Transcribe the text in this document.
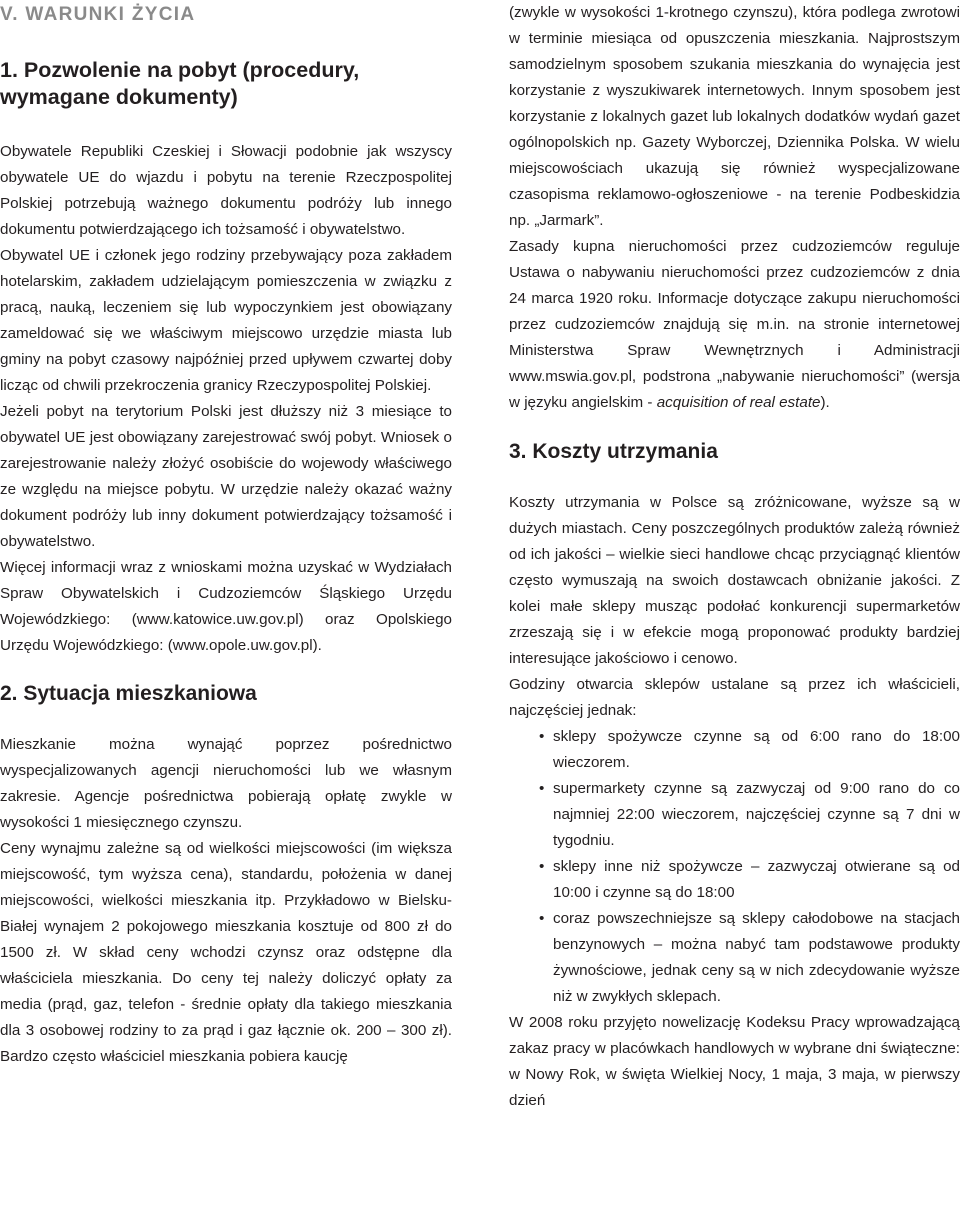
V. WARUNKI ŻYCIA
1. Pozwolenie na pobyt (procedury, wymagane dokumenty)

Obywatele Republiki Czeskiej i Słowacji podobnie jak wszyscy obywatele UE do wjazdu i pobytu na terenie Rzeczpospolitej Polskiej potrzebują ważnego dokumentu podróży lub innego dokumentu potwierdzającego ich tożsamość i obywatelstwo.

Obywatel UE i członek jego rodziny przebywający poza zakładem hotelarskim, zakładem udzielającym pomieszczenia w związku z pracą, nauką, leczeniem się lub wypoczynkiem jest obowiązany zameldować się we właściwym miejscowo urzędzie miasta lub gminy na pobyt czasowy najpóźniej przed upływem czwartej doby licząc od chwili przekroczenia granicy Rzeczypospolitej Polskiej.

Jeżeli pobyt na terytorium Polski jest dłuższy niż 3 miesiące to obywatel UE jest obowiązany zarejestrować swój pobyt. Wniosek o zarejestrowanie należy złożyć osobiście do wojewody właściwego ze względu na miejsce pobytu. W urzędzie należy okazać ważny dokument podróży lub inny dokument potwierdzający tożsamość i obywatelstwo.

Więcej informacji wraz z wnioskami można uzyskać w Wydziałach Spraw Obywatelskich i Cudzoziemców Śląskiego Urzędu Wojewódzkiego: (www.katowice.uw.gov.pl) oraz Opolskiego Urzędu Wojewódzkiego: (www.opole.uw.gov.pl).

2. Sytuacja mieszkaniowa

Mieszkanie można wynająć poprzez pośrednictwo wyspecjalizowanych agencji nieruchomości lub we własnym zakresie. Agencje pośrednictwa pobierają opłatę zwykle w wysokości 1 miesięcznego czynszu.

Ceny wynajmu zależne są od wielkości miejscowości (im większa miejscowość, tym wyższa cena), standardu, położenia w danej miejscowości, wielkości mieszkania itp. Przykładowo w Bielsku-Białej wynajem 2 pokojowego mieszkania kosztuje od 800 zł do 1500 zł. W skład ceny wchodzi czynsz oraz odstępne dla właściciela mieszkania. Do ceny tej należy doliczyć opłaty za media (prąd, gaz, telefon - średnie opłaty dla takiego mieszkania dla 3 osobowej rodziny to za prąd i gaz łącznie ok. 200 – 300 zł). Bardzo często właściciel mieszkania pobiera kaucję

(zwykle w wysokości 1-krotnego czynszu), która podlega zwrotowi w terminie miesiąca od opuszczenia mieszkania. Najprostszym samodzielnym sposobem szukania mieszkania do wynajęcia jest korzystanie z wyszukiwarek internetowych. Innym sposobem jest korzystanie z lokalnych gazet lub lokalnych dodatków wydań gazet ogólnopolskich np. Gazety Wyborczej, Dziennika Polska. W wielu miejscowościach ukazują się również wyspecjalizowane czasopisma reklamowo-ogłoszeniowe - na terenie Podbeskidzia np. „Jarmark”.

Zasady kupna nieruchomości przez cudzoziemców reguluje Ustawa o nabywaniu nieruchomości przez cudzoziemców z dnia 24 marca 1920 roku. Informacje dotyczące zakupu nieruchomości przez cudzoziemców znajdują się m.in. na stronie internetowej Ministerstwa Spraw Wewnętrznych i Administracji www.mswia.gov.pl, podstrona „nabywanie nieruchomości” (wersja w języku angielskim - acquisition of real estate).

3. Koszty utrzymania

Koszty utrzymania w Polsce są zróżnicowane, wyższe są w dużych miastach. Ceny poszczególnych produktów zależą również od ich jakości – wielkie sieci handlowe chcąc przyciągnąć klientów często wymuszają na swoich dostawcach obniżanie jakości. Z kolei małe sklepy musząc podołać konkurencji supermarketów zrzeszają się i w efekcie mogą proponować produkty bardziej interesujące jakościowo i cenowo.

Godziny otwarcia sklepów ustalane są przez ich właścicieli, najczęściej jednak:

• sklepy spożywcze czynne są od 6:00 rano do 18:00 wieczorem.
• supermarkety czynne są zazwyczaj od 9:00 rano do co najmniej 22:00 wieczorem, najczęściej czynne są 7 dni w tygodniu.
• sklepy inne niż spożywcze – zazwyczaj otwierane są od 10:00 i czynne są do 18:00
• coraz powszechniejsze są sklepy całodobowe na stacjach benzynowych – można nabyć tam podstawowe produkty żywnościowe, jednak ceny są w nich zdecydowanie wyższe niż w zwykłych sklepach.

W 2008 roku przyjęto nowelizację Kodeksu Pracy wprowadzającą zakaz pracy w placówkach handlowych w wybrane dni świąteczne: w Nowy Rok, w święta Wielkiej Nocy, 1 maja, 3 maja, w pierwszy dzień
